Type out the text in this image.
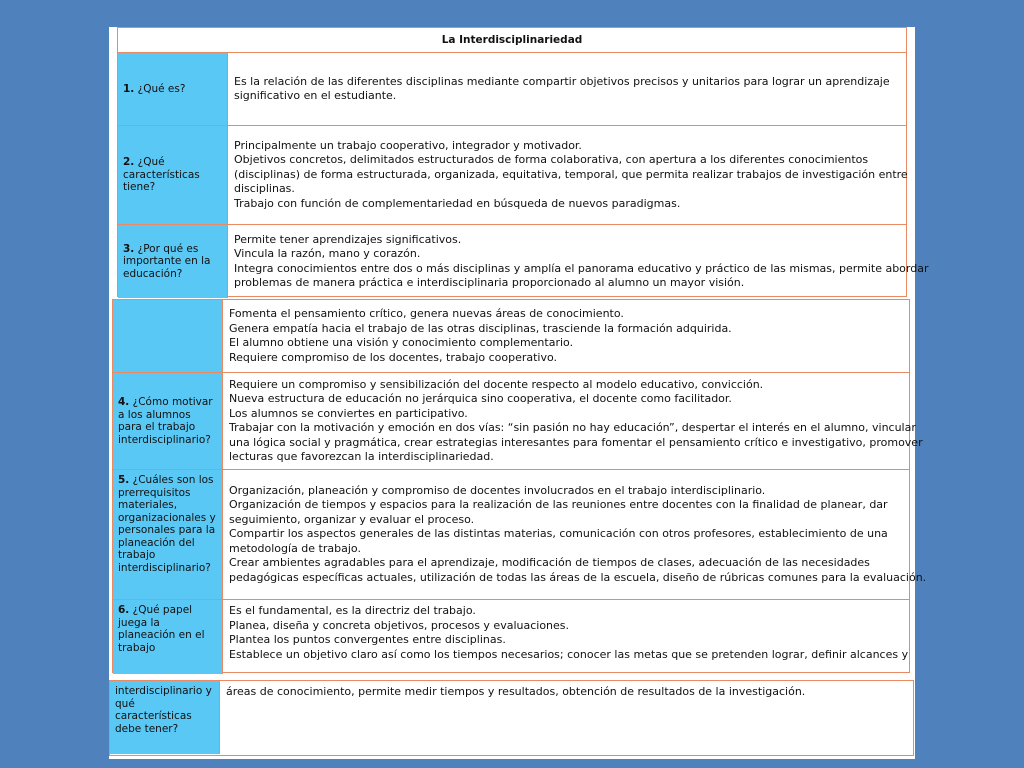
La Interdisciplinariedad
1. ¿Qué es?
Es la relación de las diferentes disciplinas mediante compartir objetivos precisos y unitarios para lograr un aprendizaje
significativo en el estudiante.
2. ¿Qué características tiene?
Principalmente un trabajo cooperativo, integrador y motivador.
Objetivos concretos, delimitados estructurados de forma colaborativa, con apertura a los diferentes conocimientos
(disciplinas) de forma estructurada, organizada, equitativa, temporal, que permita realizar trabajos de investigación entre
disciplinas.
Trabajo con función de complementariedad en búsqueda de nuevos paradigmas.
3. ¿Por qué es importante en la educación?
Permite tener aprendizajes significativos.
Vincula la razón, mano y corazón.
Integra conocimientos entre dos o más disciplinas y amplía el panorama educativo y práctico de las mismas, permite abordar
problemas de manera práctica e interdisciplinaria proporcionado al alumno un mayor visión.
Fomenta el pensamiento crítico, genera nuevas áreas de conocimiento.
Genera empatía hacia el trabajo de las otras disciplinas, trasciende la formación adquirida.
El alumno obtiene una visión y conocimiento complementario.
Requiere compromiso de los docentes, trabajo cooperativo.
4. ¿Cómo motivar a los alumnos para el trabajo interdisciplinario?
Requiere un compromiso y sensibilización del docente respecto al modelo educativo, convicción.
Nueva estructura de educación no jerárquica sino cooperativa, el docente como facilitador.
Los alumnos se conviertes en participativo.
Trabajar con la motivación y emoción en dos vías: “sin pasión no hay educación”, despertar el interés en el alumno, vincular
una lógica social y pragmática, crear estrategias interesantes para fomentar el pensamiento crítico e investigativo, promover
lecturas que favorezcan la interdisciplinariedad.
5. ¿Cuáles son los prerrequisitos materiales, organizacionales y personales para la planeación del trabajo interdisciplinario?
Organización, planeación y compromiso de docentes involucrados en el trabajo interdisciplinario.
Organización de tiempos y espacios para la realización de las reuniones entre docentes con la finalidad de planear, dar
seguimiento, organizar y evaluar el proceso.
Compartir los aspectos generales de las distintas materias, comunicación con otros profesores, establecimiento de una
metodología de trabajo.
Crear ambientes agradables para el aprendizaje, modificación de tiempos de clases, adecuación de las necesidades
pedagógicas específicas actuales, utilización de todas las áreas de la escuela, diseño de rúbricas comunes para la evaluación.
6. ¿Qué papel juega la planeación en el trabajo
Es el fundamental, es la directriz del trabajo.
Planea, diseña y concreta objetivos, procesos y evaluaciones.
Plantea los puntos convergentes entre disciplinas.
Establece un objetivo claro así como los tiempos necesarios; conocer las metas que se pretenden lograr, definir alcances y
interdisciplinario y qué características debe tener?
áreas de conocimiento, permite medir tiempos y resultados, obtención de resultados de la investigación.
